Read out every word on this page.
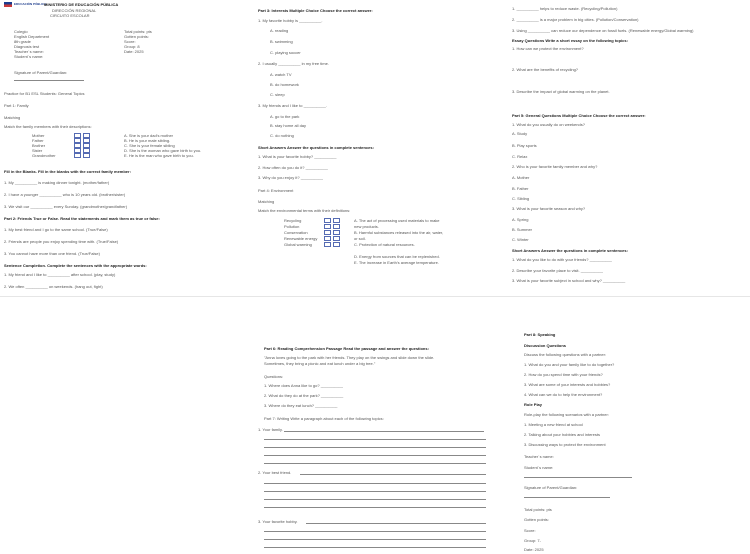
EDUCACIÓN PÚBLICA
MINISTERIO DE EDUCACIÓN PÚBLICA
DIRECCIÓN REGIONAL
CIRCUITO ESCOLAR
Colegio
English Department
8th grade
Diagnosis test
Teacher´s name:
Student´s name:
Total points: pts
Gotten points:
Score:
Group: 8
Date: 2025
Signature of Parent/Guardian:
Practice for B1 ESL Students: General Topics
Part 1: Family
Matching
Match the family members with their descriptions:
Mother
Father
Brother
Sister
Grandmother
A. She is your dad's mother
B. He is your male sibling.
C. She is your female sibling
D. She is the woman who gave birth to you.
E. He is the man who gave birth to you.
Fill in the Blanks. Fill in the blanks with the correct family member:
1. My __________ is making dinner tonight. (mother/father)
2. I have a younger __________ who is 10 years old. (brother/sister)
3. We visit our __________ every Sunday. (grandmother/grandfather)
Part 2: Friends True or False. Read the statements and mark them as true or false:
1. My best friend and I go to the same school. (True/False)
2. Friends are people you enjoy spending time with. (True/False)
3. You cannot have more than one friend. (True/False)
Sentence Completion. Complete the sentences with the appropriate words:
1. My friend and I like to __________ after school. (play, study)
2. We often __________ on weekends. (hang out, fight)
Part 3: Interests Multiple Choice Choose the correct answer:
1. My favorite hobby is __________.
A. reading
B. swimming
C. playing soccer
2. I usually __________ in my free time.
A. watch TV
B. do homework
C. sleep
3. My friends and I like to __________.
A. go to the park
B. stay home all day
C. do nothing
Short Answers Answer the questions in complete sentences:
1. What is your favorite hobby? __________
2. How often do you do it? __________
3. Why do you enjoy it? __________
Part 4: Environment
Matching
Match the environmental terms with their definitions:
Recycling
Pollution
Conservation
Renewable energy
Global warming
A. The act of processing used materials to make
new products.
B. Harmful substances released into the air, water,
or soil.
C. Protection of natural resources.
D. Energy from sources that can be replenished.
E. The increase in Earth's average temperature.
1. __________ helps to reduce waste. (Recycling/Pollution)
2. __________ is a major problem in big cities. (Pollution/Conservation)
3. Using __________ can reduce our dependence on fossil fuels. (Renewable energy/Global warming)
Essay Questions Write a short essay on the following topics:
1. How can we protect the environment?
2. What are the benefits of recycling?
3. Describe the impact of global warming on the planet.
Part 5: General Questions Multiple Choice Choose the correct answer:
1. What do you usually do on weekends?
A. Study
B. Play sports
C. Relax
2. Who is your favorite family member and why?
A. Mother
B. Father
C. Sibling
3. What is your favorite season and why?
A. Spring
B. Summer
C. Winter
Short Answers Answer the questions in complete sentences:
1. What do you like to do with your friends? __________
2. Describe your favorite place to visit. __________
3. What is your favorite subject in school and why? __________
Part 6: Reading Comprehension Passage Read the passage and answer the questions:
"Anna loves going to the park with her friends. They play on the swings and slide down the slide.
Sometimes, they bring a picnic and eat lunch under a big tree."
Questions:
1. Where does Anna like to go? __________
2. What do they do at the park? __________
3. Where do they eat lunch? __________
Part 7: Writing Write a paragraph about each of the following topics:
1. Your family.
2. Your best friend.
3. Your favorite hobby.
Part 8: Speaking
Discussion Questions
Discuss the following questions with a partner:
1. What do you and your family like to do together?
2. How do you spend time with your friends?
3. What are some of your interests and hobbies?
4. What can we do to help the environment?
Role Play
Role-play the following scenarios with a partner:
1. Meeting a new friend at school
2. Talking about your hobbies and interests
3. Discussing ways to protect the environment
Teacher´s name:
Student´s name:
Signature of Parent/Guardian:
Total points: pts
Gotten points:
Score:
Group: 7-
Date: 2025
